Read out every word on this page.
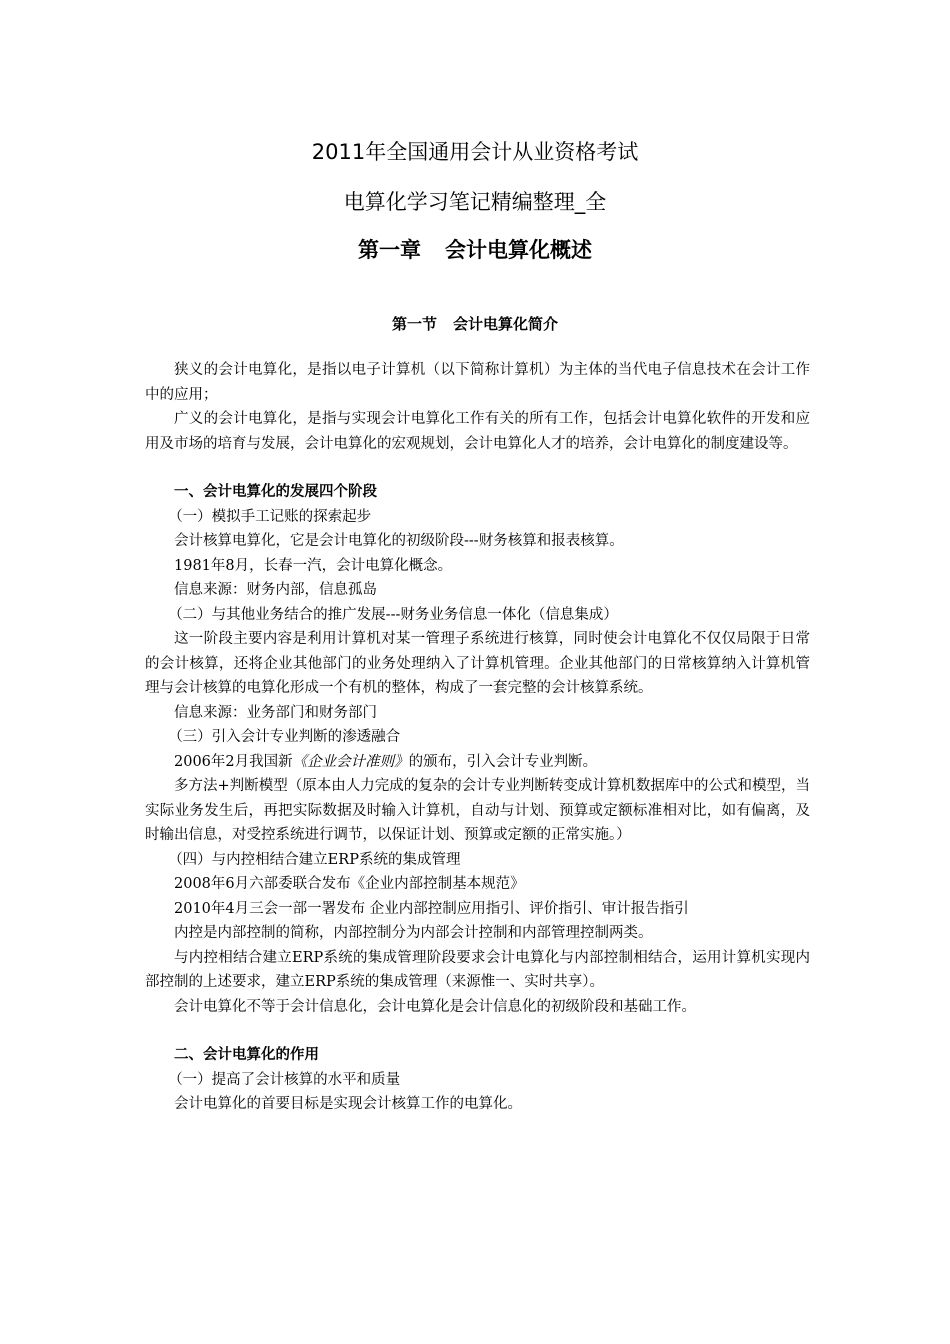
2011年全国通用会计从业资格考试
电算化学习笔记精编整理_全
第一章 会计电算化概述
第一节 会计电算化简介

狭义的会计电算化，是指以电子计算机（以下简称计算机）为主体的当代电子信息技术在会计工作中的应用；

广义的会计电算化，是指与实现会计电算化工作有关的所有工作，包括会计电算化软件的开发和应用及市场的培育与发展，会计电算化的宏观规划，会计电算化人才的培养，会计电算化的制度建设等。

一、会计电算化的发展四个阶段

（一）模拟手工记账的探索起步

会计核算电算化，它是会计电算化的初级阶段---财务核算和报表核算。

1981年8月，长春一汽，会计电算化概念。

信息来源：财务内部，信息孤岛

（二）与其他业务结合的推广发展---财务业务信息一体化（信息集成）

这一阶段主要内容是利用计算机对某一管理子系统进行核算，同时使会计电算化不仅仅局限于日常的会计核算，还将企业其他部门的业务处理纳入了计算机管理。企业其他部门的日常核算纳入计算机管理与会计核算的电算化形成一个有机的整体，构成了一套完整的会计核算系统。

信息来源：业务部门和财务部门

（三）引入会计专业判断的渗透融合

2006年2月我国新《企业会计准则》的颁布，引入会计专业判断。

多方法+判断模型（原本由人力完成的复杂的会计专业判断转变成计算机数据库中的公式和模型，当实际业务发生后，再把实际数据及时输入计算机，自动与计划、预算或定额标准相对比，如有偏离，及时输出信息，对受控系统进行调节，以保证计划、预算或定额的正常实施。）

（四）与内控相结合建立ERP系统的集成管理

2008年6月六部委联合发布《企业内部控制基本规范》

2010年4月三会一部一署发布 企业内部控制应用指引、评价指引、审计报告指引

内控是内部控制的简称，内部控制分为内部会计控制和内部管理控制两类。

与内控相结合建立ERP系统的集成管理阶段要求会计电算化与内部控制相结合，运用计算机实现内部控制的上述要求，建立ERP系统的集成管理（来源惟一、实时共享）。

会计电算化不等于会计信息化，会计电算化是会计信息化的初级阶段和基础工作。

二、会计电算化的作用

（一）提高了会计核算的水平和质量

会计电算化的首要目标是实现会计核算工作的电算化。
